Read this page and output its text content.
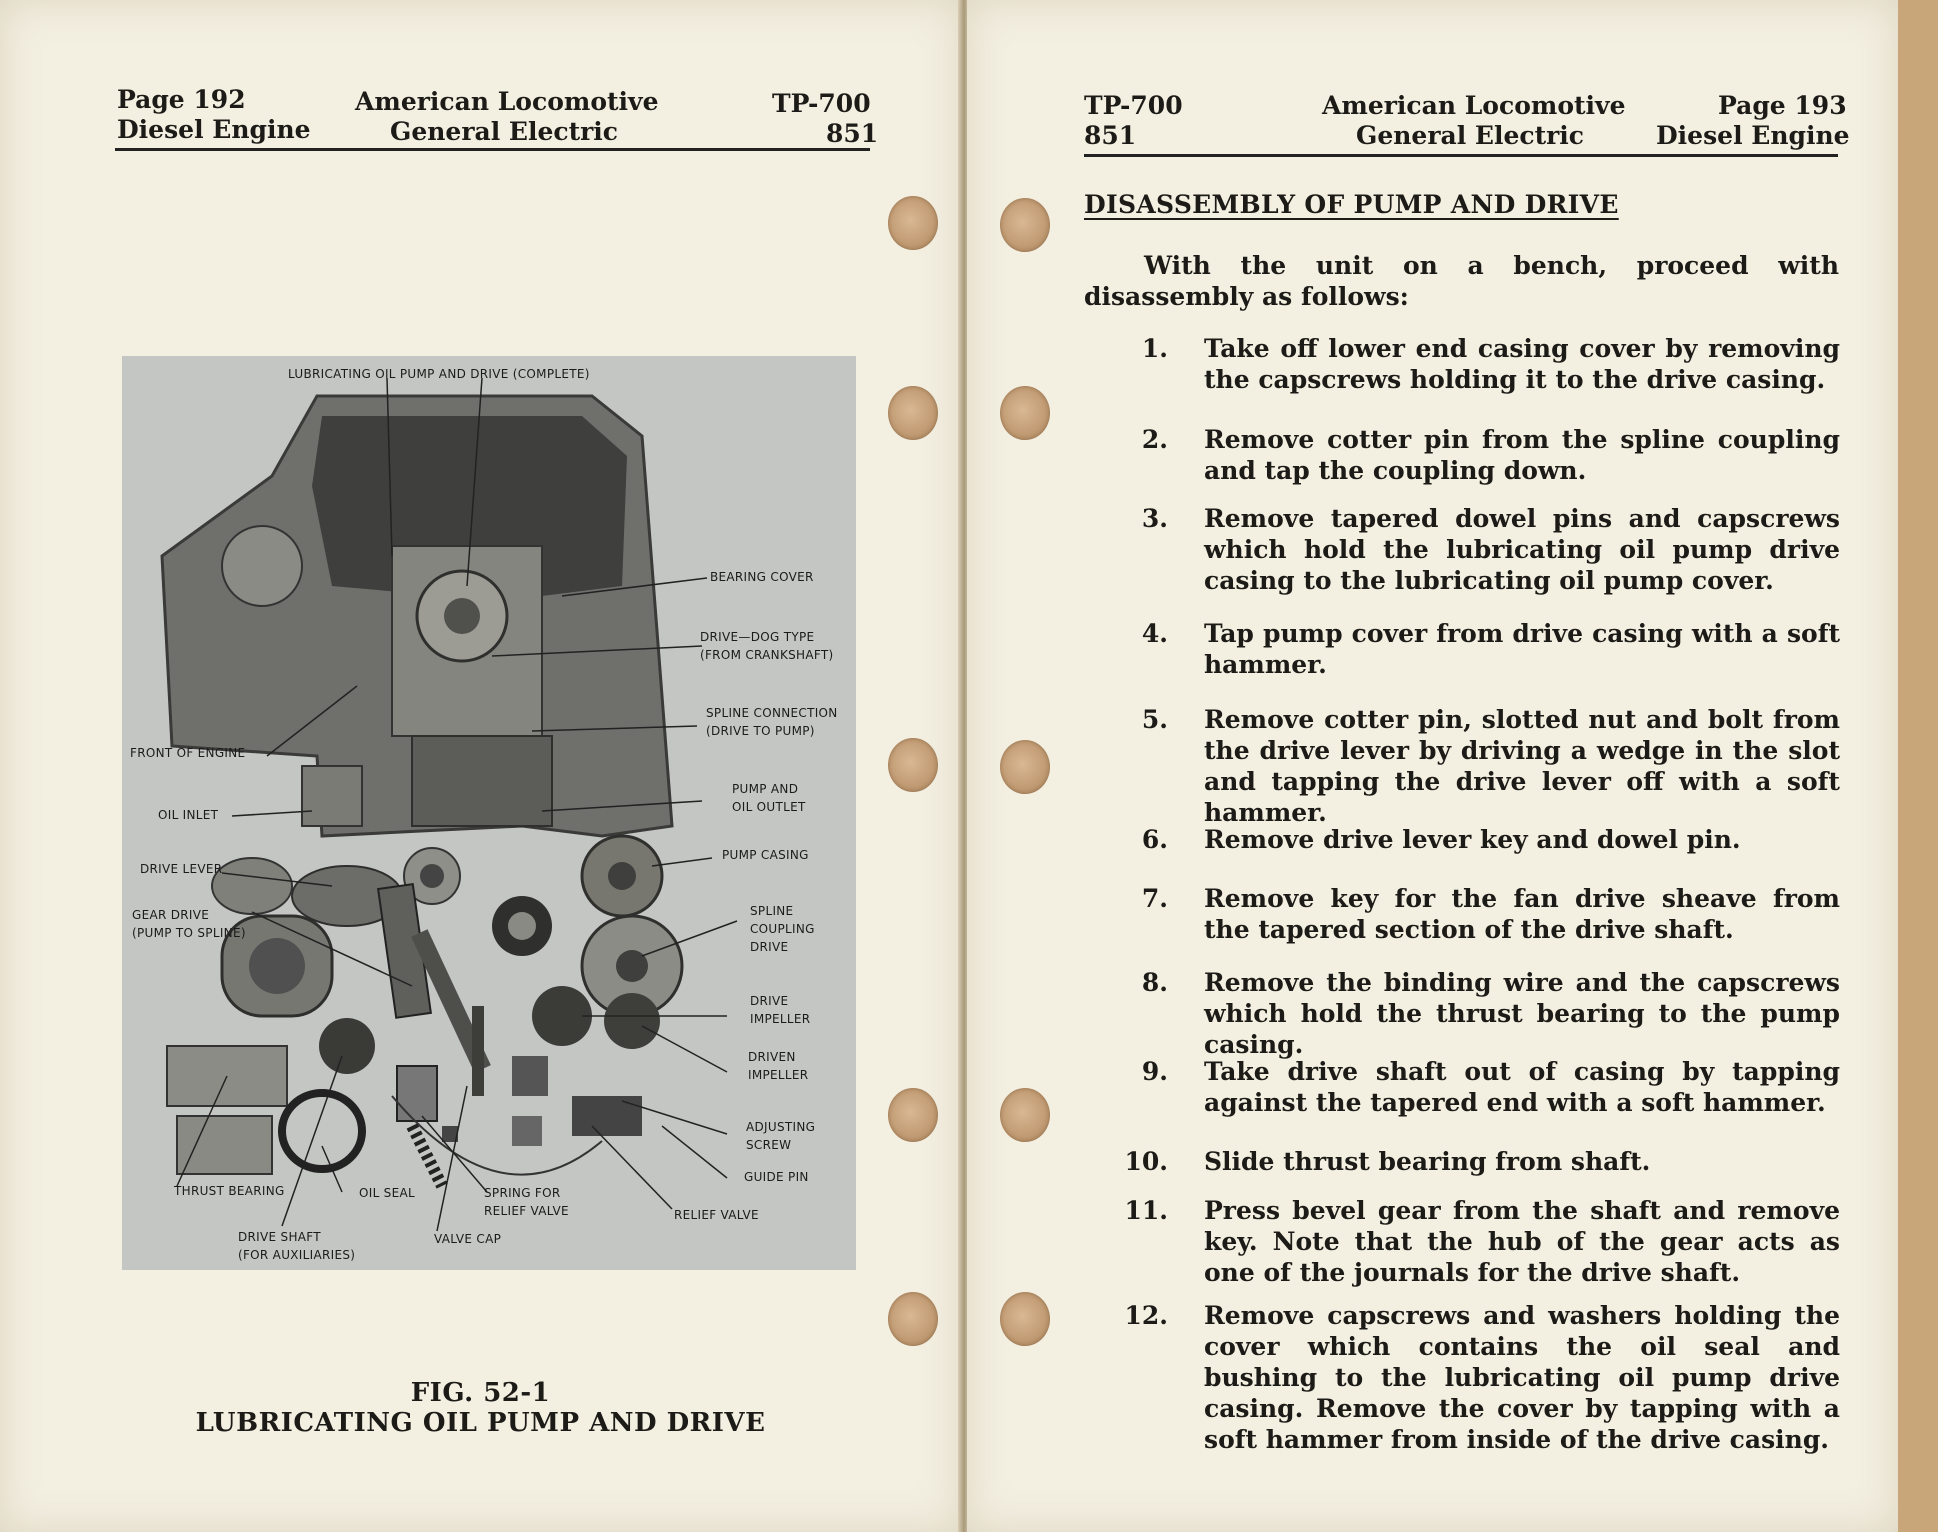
Page 192
Diesel Engine
American Locomotive
General Electric
TP-700
851
LUBRICATING OIL PUMP AND DRIVE (COMPLETE)
BEARING COVER
DRIVE—DOG TYPE
(FROM CRANKSHAFT)
SPLINE CONNECTION
(DRIVE TO PUMP)
FRONT OF ENGINE
PUMP AND
OIL OUTLET
OIL INLET
PUMP CASING
DRIVE LEVER
GEAR DRIVE
(PUMP TO SPLINE)
SPLINE
COUPLING
DRIVE
DRIVE
IMPELLER
DRIVEN
IMPELLER
ADJUSTING
SCREW
GUIDE PIN
THRUST BEARING	OIL SEAL	SPRING FOR
RELIEF VALVE	RELIEF VALVE
DRIVE SHAFT
(FOR AUXILIARIES)
VALVE CAP
FIG. 52-1
LUBRICATING OIL PUMP AND DRIVE
TP-700
851
American Locomotive
General Electric
Page 193
Diesel Engine
DISASSEMBLY OF PUMP AND DRIVE
With the unit on a bench, proceed with disassembly as follows:
1. Take off lower end casing cover by removing the capscrews holding it to the drive casing.
2. Remove cotter pin from the spline coupling and tap the coupling down.
3. Remove tapered dowel pins and capscrews which hold the lubricating oil pump drive casing to the lubricating oil pump cover.
4. Tap pump cover from drive casing with a soft hammer.
5. Remove cotter pin, slotted nut and bolt from the drive lever by driving a wedge in the slot and tapping the drive lever off with a soft hammer.
6. Remove drive lever key and dowel pin.
7. Remove key for the fan drive sheave from the tapered section of the drive shaft.
8. Remove the binding wire and the capscrews which hold the thrust bearing to the pump casing.
9. Take drive shaft out of casing by tapping against the tapered end with a soft hammer.
10. Slide thrust bearing from shaft.
11. Press bevel gear from the shaft and remove key. Note that the hub of the gear acts as one of the journals for the drive shaft.
12. Remove capscrews and washers holding the cover which contains the oil seal and bushing to the lubricating oil pump drive casing. Remove the cover by tapping with a soft hammer from inside of the drive casing.
